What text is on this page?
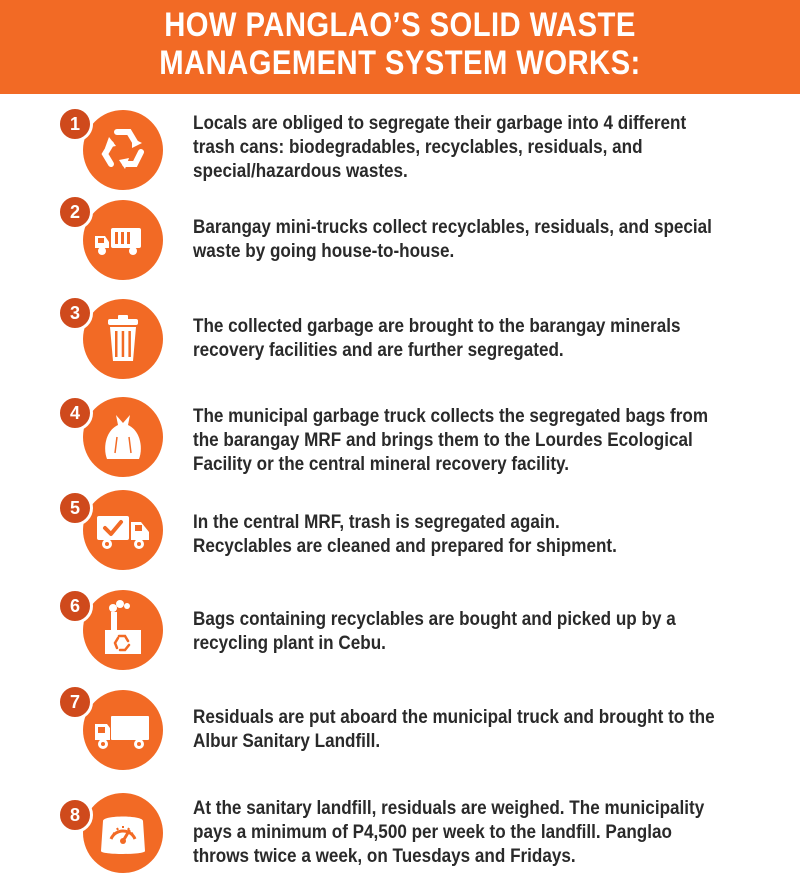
HOW PANGLAO’S SOLID WASTE
MANAGEMENT SYSTEM WORKS:
1	Locals are obliged to segregate their garbage into 4 different
trash cans: biodegradables, recyclables, residuals, and
special/hazardous wastes.
2
Barangay mini-trucks collect recyclables, residuals, and special
waste by going house-to-house.
3
The collected garbage are brought to the barangay minerals
recovery facilities and are further segregated.
4	The municipal garbage truck collects the segregated bags from
the barangay MRF and brings them to the Lourdes Ecological
Facility or the central mineral recovery facility.
5
In the central MRF, trash is segregated again.
Recyclables are cleaned and prepared for shipment.
6
Bags containing recyclables are bought and picked up by a
recycling plant in Cebu.
7
Residuals are put aboard the municipal truck and brought to the
Albur Sanitary Landfill.
8	At the sanitary landfill, residuals are weighed. The municipality
pays a minimum of P4,500 per week to the landfill. Panglao
throws twice a week, on Tuesdays and Fridays.
